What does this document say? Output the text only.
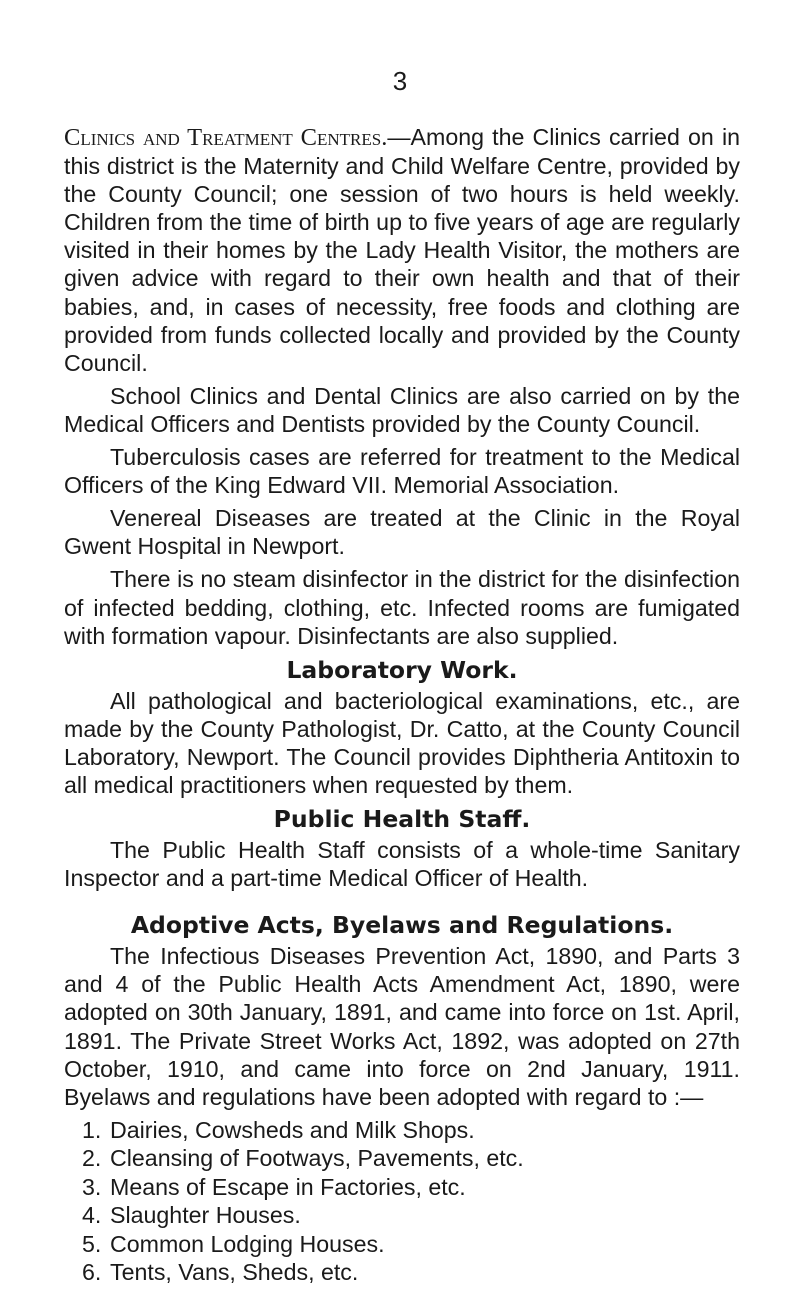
3

Clinics and Treatment Centres.—Among the Clinics carried on in this district is the Maternity and Child Welfare Centre, provided by the County Council; one session of two hours is held weekly. Children from the time of birth up to five years of age are regularly visited in their homes by the Lady Health Visitor, the mothers are given advice with regard to their own health and that of their babies, and, in cases of necessity, free foods and clothing are provided from funds collected locally and provided by the County Council.

School Clinics and Dental Clinics are also carried on by the Medical Officers and Dentists provided by the County Council.

Tuberculosis cases are referred for treatment to the Medical Officers of the King Edward VII. Memorial Association.

Venereal Diseases are treated at the Clinic in the Royal Gwent Hospital in Newport.

There is no steam disinfector in the district for the disinfection of infected bedding, clothing, etc. Infected rooms are fumigated with formation vapour. Disinfectants are also supplied.

Laboratory Work.

All pathological and bacteriological examinations, etc., are made by the County Pathologist, Dr. Catto, at the County Council Laboratory, Newport. The Council provides Diphtheria Antitoxin to all medical practitioners when requested by them.

Public Health Staff.

The Public Health Staff consists of a whole-time Sanitary Inspector and a part-time Medical Officer of Health.

Adoptive Acts, Byelaws and Regulations.

The Infectious Diseases Prevention Act, 1890, and Parts 3 and 4 of the Public Health Acts Amendment Act, 1890, were adopted on 30th January, 1891, and came into force on 1st. April, 1891. The Private Street Works Act, 1892, was adopted on 27th October, 1910, and came into force on 2nd January, 1911. Byelaws and regulations have been adopted with regard to :—

1. Dairies, Cowsheds and Milk Shops.
2. Cleansing of Footways, Pavements, etc.
3. Means of Escape in Factories, etc.
4. Slaughter Houses.
5. Common Lodging Houses.
6. Tents, Vans, Sheds, etc.
